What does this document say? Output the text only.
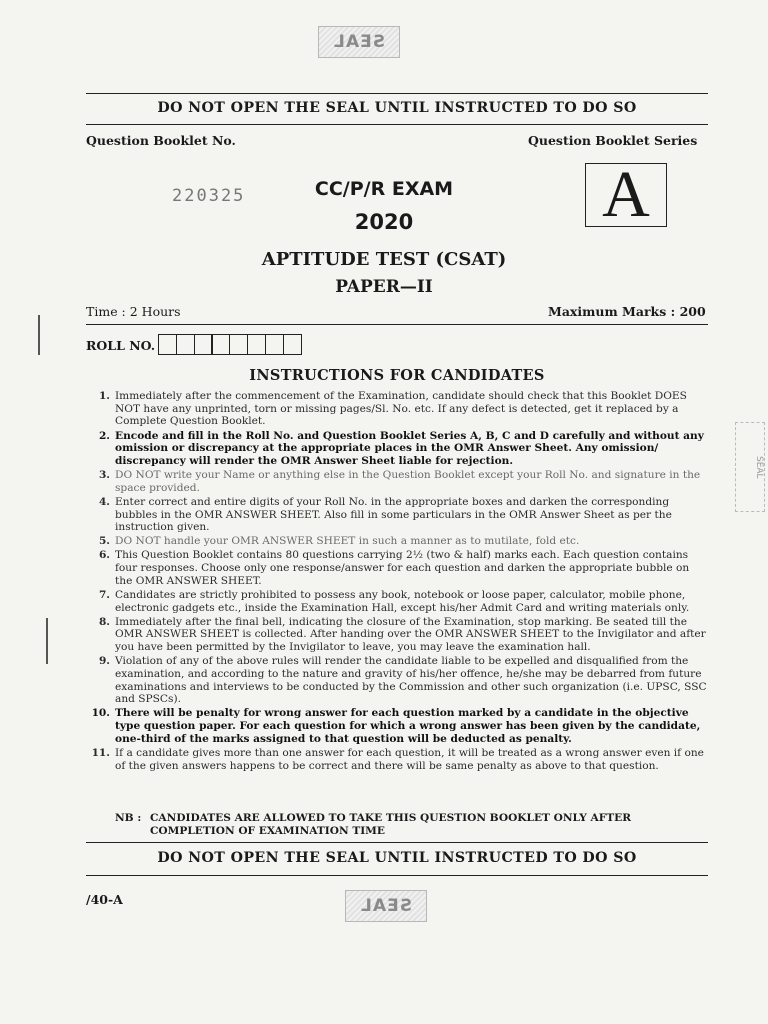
SEAL
DO NOT OPEN THE SEAL UNTIL INSTRUCTED TO DO SO
Question Booklet No.	Question Booklet Series
220325	A
CC/P/R EXAM
2020
APTITUDE TEST (CSAT)
PAPER—II
Time : 2 Hours	Maximum Marks : 200
ROLL NO.
INSTRUCTIONS FOR CANDIDATES
1. Immediately after the commencement of the Examination, candidate should check that this Booklet DOES NOT have any unprinted, torn or missing pages/Sl. No. etc. If any defect is detected, get it replaced by a Complete Question Booklet.
2. Encode and fill in the Roll No. and Question Booklet Series A, B, C and D carefully and without any omission or discrepancy at the appropriate places in the OMR Answer Sheet. Any omission/ discrepancy will render the OMR Answer Sheet liable for rejection.
3. DO NOT write your Name or anything else in the Question Booklet except your Roll No. and signature in the space provided.
4. Enter correct and entire digits of your Roll No. in the appropriate boxes and darken the corresponding bubbles in the OMR ANSWER SHEET. Also fill in some particulars in the OMR Answer Sheet as per the instruction given.
5. DO NOT handle your OMR ANSWER SHEET in such a manner as to mutilate, fold etc.
6. This Question Booklet contains 80 questions carrying 2½ (two & half) marks each. Each question contains four responses. Choose only one response/answer for each question and darken the appropriate bubble on the OMR ANSWER SHEET.
7. Candidates are strictly prohibited to possess any book, notebook or loose paper, calculator, mobile phone, electronic gadgets etc., inside the Examination Hall, except his/her Admit Card and writing materials only.
8. Immediately after the final bell, indicating the closure of the Examination, stop marking. Be seated till the OMR ANSWER SHEET is collected. After handing over the OMR ANSWER SHEET to the Invigilator and after you have been permitted by the Invigilator to leave, you may leave the examination hall.
9. Violation of any of the above rules will render the candidate liable to be expelled and disqualified from the examination, and according to the nature and gravity of his/her offence, he/she may be debarred from future examinations and interviews to be conducted by the Commission and other such organization (i.e. UPSC, SSC and SPSCs).
10. There will be penalty for wrong answer for each question marked by a candidate in the objective type question paper. For each question for which a wrong answer has been given by the candidate, one-third of the marks assigned to that question will be deducted as penalty.
11. If a candidate gives more than one answer for each question, it will be treated as a wrong answer even if one of the given answers happens to be correct and there will be same penalty as above to that question.
NB : CANDIDATES ARE ALLOWED TO TAKE THIS QUESTION BOOKLET ONLY AFTER COMPLETION OF EXAMINATION TIME
DO NOT OPEN THE SEAL UNTIL INSTRUCTED TO DO SO
/40-A	SEAL
SEAL
